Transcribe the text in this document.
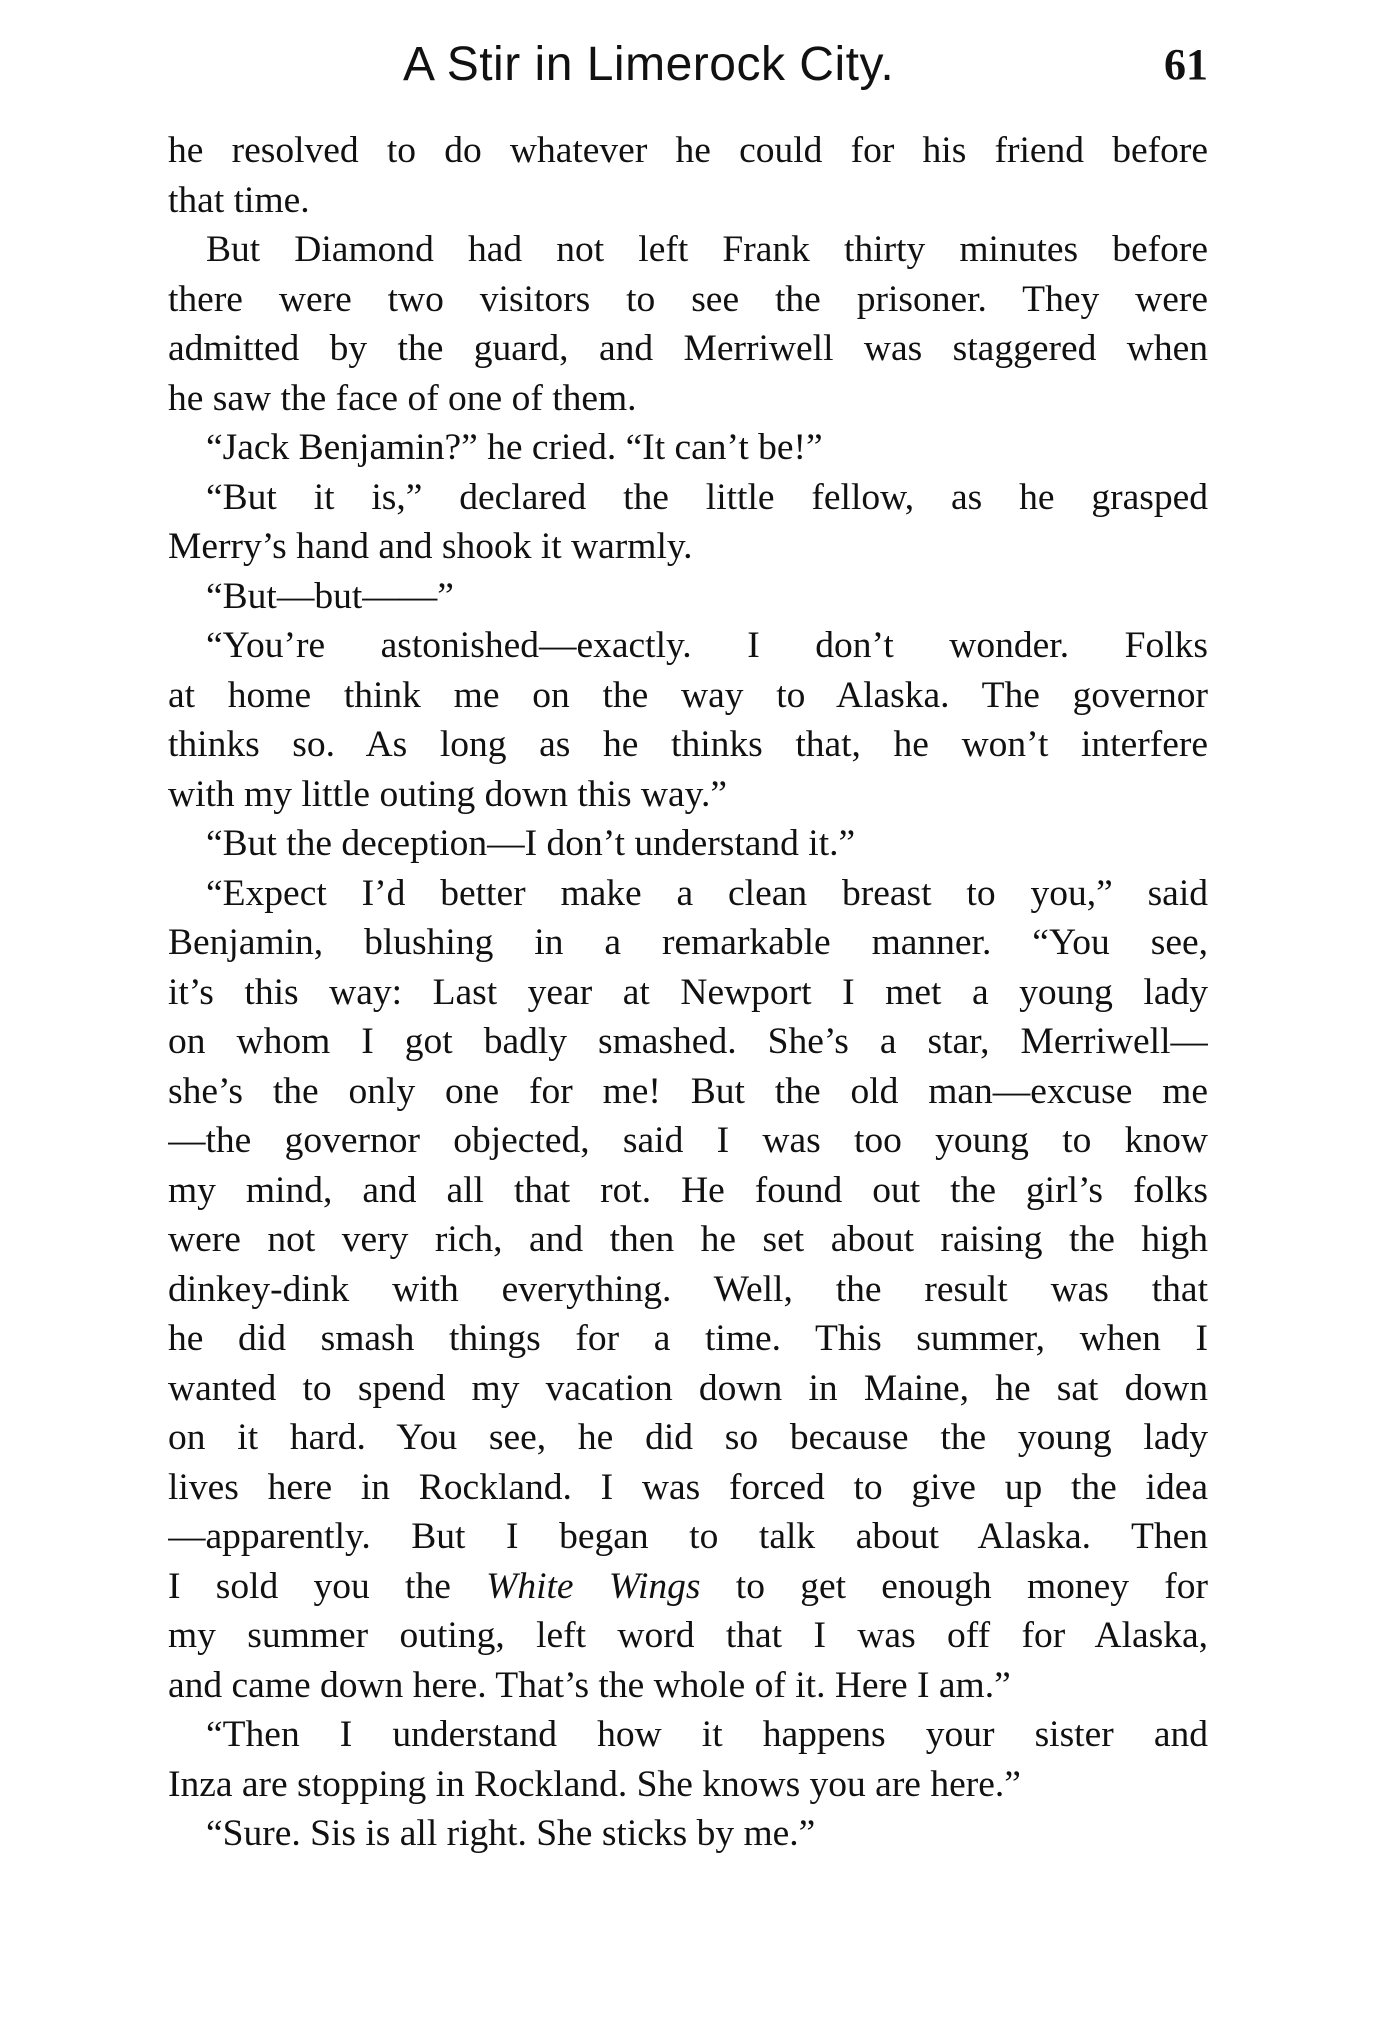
A Stir in Limerock City.	61
he resolved to do whatever he could for his friend before
that time.
But Diamond had not left Frank thirty minutes before
there were two visitors to see the prisoner. They were
admitted by the guard, and Merriwell was staggered when
he saw the face of one of them.
“Jack Benjamin?” he cried. “It can’t be!”
“But it is,” declared the little fellow, as he grasped
Merry’s hand and shook it warmly.
“But—but——”
“You’re astonished—exactly. I don’t wonder. Folks
at home think me on the way to Alaska. The governor
thinks so. As long as he thinks that, he won’t interfere
with my little outing down this way.”
“But the deception—I don’t understand it.”
“Expect I’d better make a clean breast to you,” said
Benjamin, blushing in a remarkable manner. “You see,
it’s this way: Last year at Newport I met a young lady
on whom I got badly smashed. She’s a star, Merriwell—
she’s the only one for me! But the old man—excuse me
—the governor objected, said I was too young to know
my mind, and all that rot. He found out the girl’s folks
were not very rich, and then he set about raising the high
dinkey-dink with everything. Well, the result was that
he did smash things for a time. This summer, when I
wanted to spend my vacation down in Maine, he sat down
on it hard. You see, he did so because the young lady
lives here in Rockland. I was forced to give up the idea
—apparently. But I began to talk about Alaska. Then
I sold you the White Wings to get enough money for
my summer outing, left word that I was off for Alaska,
and came down here. That’s the whole of it. Here I am.”
“Then I understand how it happens your sister and
Inza are stopping in Rockland. She knows you are here.”
“Sure. Sis is all right. She sticks by me.”
